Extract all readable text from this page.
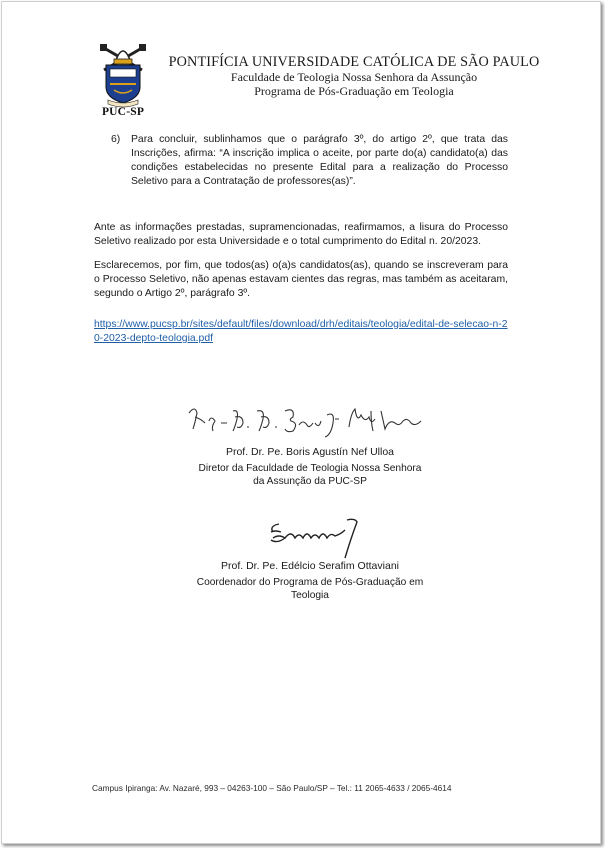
PUC-SP
PONTIFÍCIA UNIVERSIDADE CATÓLICA DE SÃO PAULO
Faculdade de Teologia Nossa Senhora da Assunção
Programa de Pós-Graduação em Teologia
6) Para concluir, sublinhamos que o parágrafo 3º, do artigo 2º, que trata das Inscrições, afirma: “A inscrição implica o aceite, por parte do(a) candidato(a) das condições estabelecidas no presente Edital para a realização do Processo Seletivo para a Contratação de professores(as)”.

Ante as informações prestadas, supramencionadas, reafirmamos, a lisura do Processo Seletivo realizado por esta Universidade e o total cumprimento do Edital n. 20/2023.

Esclarecemos, por fim, que todos(as) o(a)s candidatos(as), quando se inscreveram para o Processo Seletivo, não apenas estavam cientes das regras, mas também as aceitaram, segundo o Artigo 2º, parágrafo 3º.

https://www.pucsp.br/sites/default/files/download/drh/editais/teologia/edital-de-selecao-n-20-2023-depto-teologia.pdf

Prof. Dr. Pe. Boris Agustín Nef Ulloa
Diretor da Faculdade de Teologia Nossa Senhora
da Assunção da PUC-SP
Prof. Dr. Pe. Edélcio Serafim Ottaviani
Coordenador do Programa de Pós-Graduação em
Teologia
Campus Ipiranga: Av. Nazaré, 993 – 04263-100 – São Paulo/SP – Tel.: 11 2065-4633 / 2065-4614
